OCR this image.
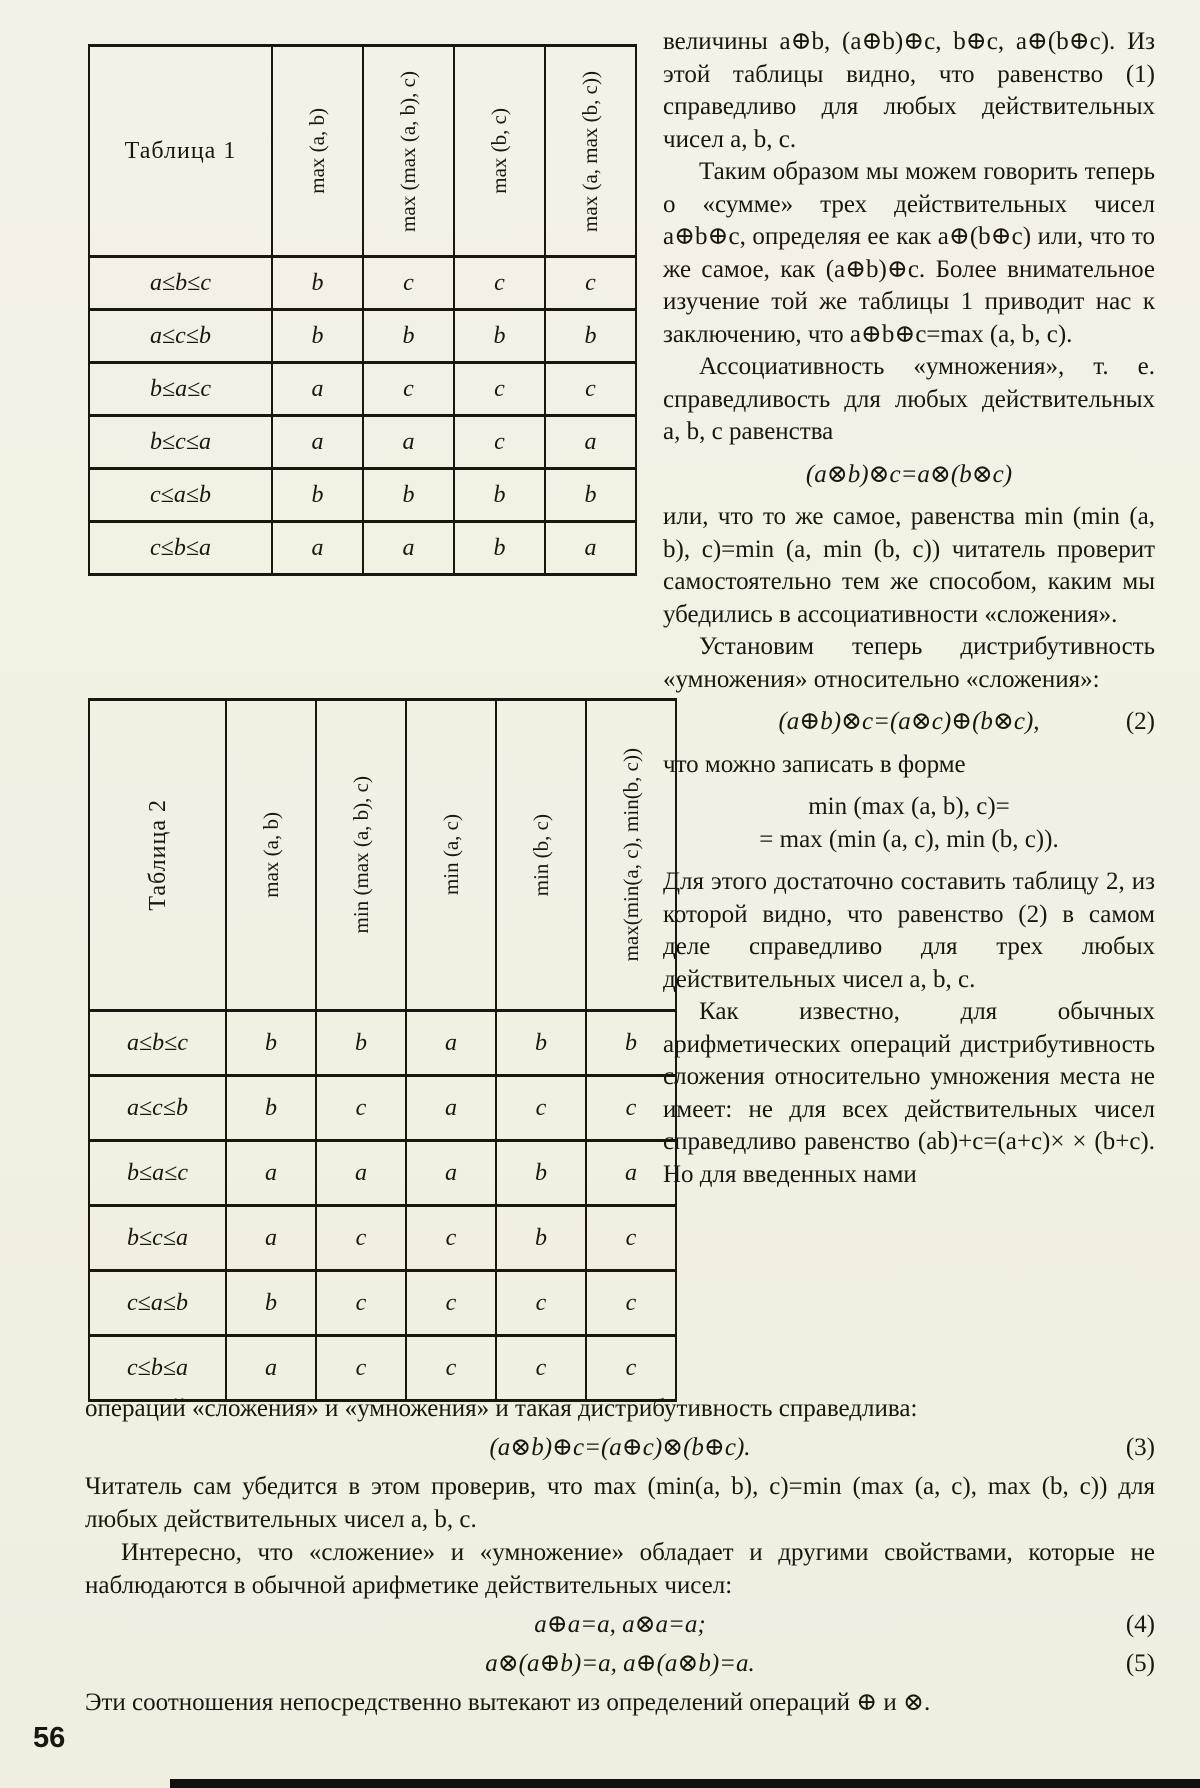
Таблица 1	max (a, b)	max (max (a, b), c)	max (b, c)	max (a, max (b, c))

a≤b≤c	b	c	c	c
a≤c≤b	b	b	b	b
b≤a≤c	a	c	c	c
b≤c≤a	a	a	c	a
c≤a≤b	b	b	b	b
c≤b≤a	a	a	b	a
Таблица 2	max (a, b)	min (max (a, b), c)	min (a, c)	min (b, c)	max(min(a, c), min(b, c))

a≤b≤c	b	b	a	b	b
a≤c≤b	b	c	a	c	c
b≤a≤c	a	a	a	b	a
b≤c≤a	a	c	c	b	c
c≤a≤b	b	c	c	c	c
c≤b≤a	a	c	c	c	c

величины a⊕b, (a⊕b)⊕c, b⊕c, a⊕(b⊕c). Из этой таблицы видно, что равенство (1) справедливо для любых действительных чисел a, b, c.

Таким образом мы можем говорить теперь о «сумме» трех действительных чисел a⊕b⊕c, определяя ее как a⊕(b⊕c) или, что то же самое, как (a⊕b)⊕c. Более внимательное изучение той же таблицы 1 приводит нас к заключению, что a⊕b⊕c=max (a, b, c).

Ассоциативность «умножения», т. е. справедливость для любых действительных a, b, c равенства

(a⊗b)⊗c=a⊗(b⊗c)

или, что то же самое, равенства min (min (a, b), c)=min (a, min (b, c)) читатель проверит самостоятельно тем же способом, каким мы убедились в ассоциативности «сложения».

Установим теперь дистрибутивность «умножения» относительно «сложения»:

(a⊕b)⊗c=(a⊗c)⊕(b⊗c),	(2)

что можно записать в форме

min (max (a, b), c)=
= max (min (a, c), min (b, c)).

Для этого достаточно составить таблицу 2, из которой видно, что равенство (2) в самом деле справедливо для трех любых действительных чисел a, b, c.

Как известно, для обычных арифметических операций дистрибутивность сложения относительно умножения места не имеет: не для всех действительных чисел справедливо равенство (ab)+c=(a+c)× × (b+c). Но для введенных нами

операций «сложения» и «умножения» и такая дистрибутивность справедлива:

(a⊗b)⊕c=(a⊕c)⊗(b⊕c).	(3)

Читатель сам убедится в этом проверив, что max (min(a, b), c)=min (max (a, c), max (b, c)) для любых действительных чисел a, b, c.

Интересно, что «сложение» и «умножение» обладает и другими свойствами, которые не наблюдаются в обычной арифметике действительных чисел:

a⊕a=a, a⊗a=a;	(4)
a⊗(a⊕b)=a, a⊕(a⊗b)=a.	(5)

Эти соотношения непосредственно вытекают из определений операций ⊕ и ⊗.

56
